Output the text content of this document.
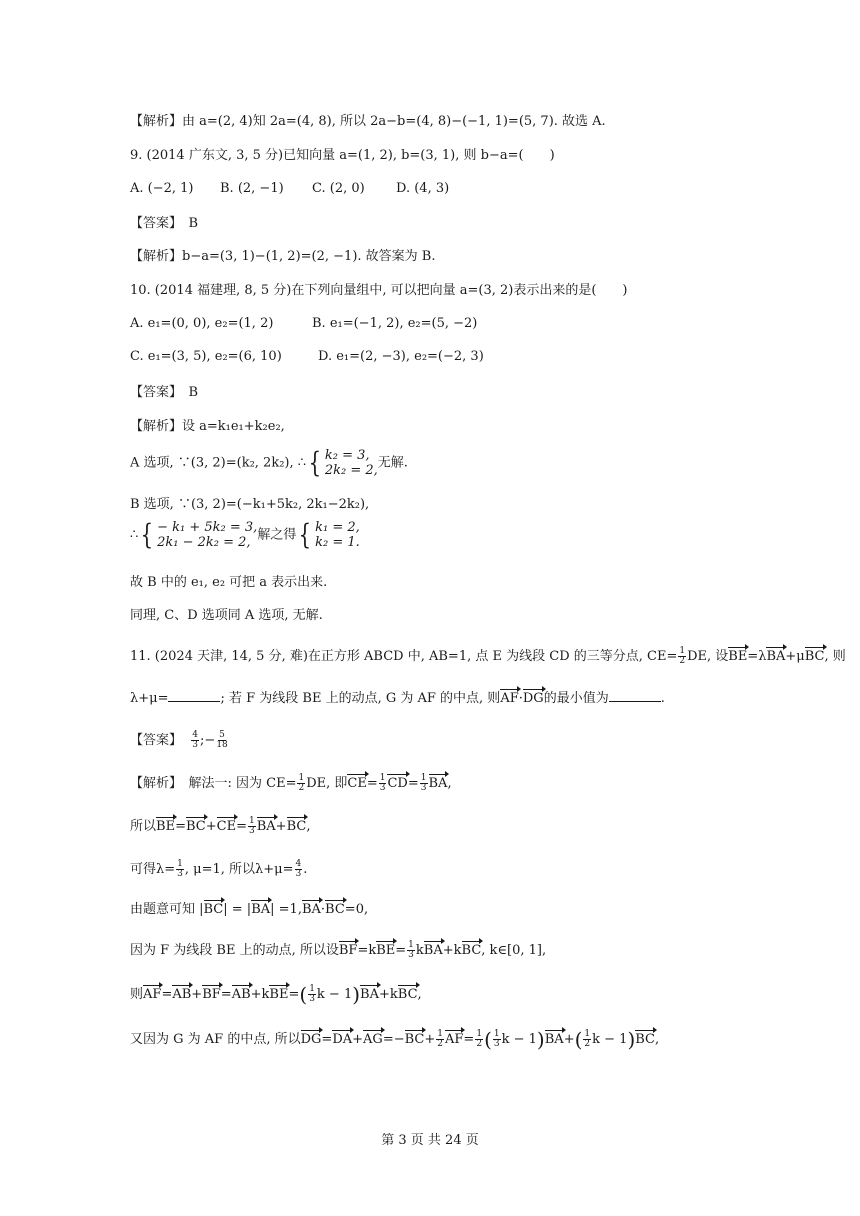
【解析】由 a=(2, 4)知 2a=(4, 8), 所以 2a−b=(4, 8)−(−1, 1)=(5, 7). 故选 A.
9. (2014 广东文, 3, 5 分)已知向量 a=(1, 2), b=(3, 1), 则 b−a=(　　)
A. (−2, 1) B. (2, −1) C. (2, 0) D. (4, 3)
【答案】　B
【解析】b−a=(3, 1)−(1, 2)=(2, −1). 故答案为 B.
10. (2014 福建理, 8, 5 分)在下列向量组中, 可以把向量 a=(3, 2)表示出来的是(　　)
A. e₁=(0, 0), e₂=(1, 2)	B. e₁=(−1, 2), e₂=(5, −2)
C. e₁=(3, 5), e₂=(6, 10)	D. e₁=(2, −3), e₂=(−2, 3)
【答案】　B
【解析】设 a=k₁e₁+k₂e₂,
A 选项, ∵(3, 2)=(k₂, 2k₂), ∴{ k₂ = 3,
2k₂ = 2,无解.
B 选项, ∵(3, 2)=(−k₁+5k₂, 2k₁−2k₂),
∴{ − k₁ + 5k₂ = 3,
2k₁ − 2k₂ = 2, 解之得{ k₁ = 2,
k₂ = 1.
故 B 中的 e₁, e₂ 可把 a 表示出来.
同理, C、D 选项同 A 选项, 无解.
11. (2024 天津, 14, 5 分, 难)在正方形 ABCD 中, AB=1, 点 E 为线段 CD 的三等分点, $CE= \frac{1}{2}$ DE, 设BE=λBA+μBC, 则
λ+μ=	; 若 F 为线段 BE 上的动点, G 为 AF 的中点, 则AF·DG的最小值为	.
【答案】 $\frac{4}{3}$ ;− $\frac{5}{18}$
【解析】　解法一: 因为 $CE= \frac{1}{2}$ DE, 即$CE= \frac{1}{3} CD= \frac{1}{3}$ BA,
所以$BE=BC+CE= \frac{1}{3} BA+BC$,
可得$\lambda= \frac{1}{3}$ , μ=1, 所以$\lambda+\mu= \frac{4}{3}$ .
由题意可知 |BC| = |BA| =1,BA·BC=0,
因为 F 为线段 BE 上的动点, 所以设$BF=kBE= \frac{1}{3} kBA+kBC$, k∈[0, 1],
则$AF=AB+BF=AB+kBE=( \frac{1}{3}$ k − 1)BA+kBC,
又因为 G 为 AF 的中点, 所以$DG=DA+AG=-BC+ \frac{1}{2} AF= \frac{1}{2}$ ( $\frac{1}{3}$ $k - 1)BA+( \frac{1}{2}$ k − 1)BC,
第 3 页 共 24 页
